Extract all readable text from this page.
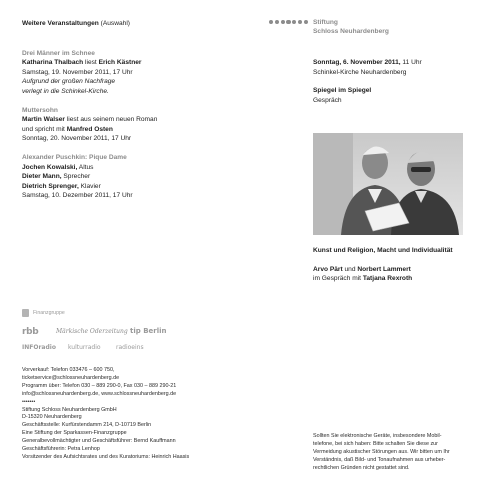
Weitere Veranstaltungen (Auswahl)
Drei Männer im Schnee
Katharina Thalbach liest Erich Kästner
Samstag, 19. November 2011, 17 Uhr
Aufgrund der großen Nachfrage
verlegt in die Schinkel-Kirche.
Muttersohn
Martin Walser liest aus seinem neuen Roman
und spricht mit Manfred Osten
Sonntag, 20. November 2011, 17 Uhr
Alexander Puschkin: Pique Dame
Jochen Kowalski, Altus
Dieter Mann, Sprecher
Dietrich Sprenger, Klavier
Samstag, 10. Dezember 2011, 17 Uhr
Stiftung
Schloss Neuhardenberg
Sonntag, 6. November 2011, 11 Uhr
Schinkel-Kirche Neuhardenberg
Spiegel im Spiegel
Gespräch
Kunst und Religion, Macht und Individualität
Arvo Pärt und Norbert Lammert
im Gespräch mit Tatjana Rexroth
Finanzgruppe
rbb	Märkische Oderzeitung tip Berlin
INFOradio kulturradio	radioeins
Vorverkauf: Telefon 033476 – 600 750,
ticketservice@schlossneuhardenberg.de
Programm über: Telefon 030 – 889 290-0, Fax 030 – 889 290-21
info@schlossneuhardenberg.de, www.schlossneuhardenberg.de
•••••••
Stiftung Schloss Neuhardenberg GmbH
D-15320 Neuhardenberg
Geschäftsstelle: Kurfürstendamm 214, D-10719 Berlin
Eine Stiftung der Sparkassen-Finanzgruppe
Generalbevollmächtigter und Geschäftsführer: Bernd Kauffmann
Geschäftsführerin: Petra Lenhop
Vorsitzender des Aufsichtsrates und des Kuratoriums: Heinrich Haasis
Sollten Sie elektronische Geräte, insbesondere Mobil-
telefone, bei sich haben: Bitte schalten Sie diese zur
Vermeidung akustischer Störungen aus. Wir bitten um Ihr
Verständnis, daß Bild- und Tonaufnahmen aus urheber-
rechtlichen Gründen nicht gestattet sind.
